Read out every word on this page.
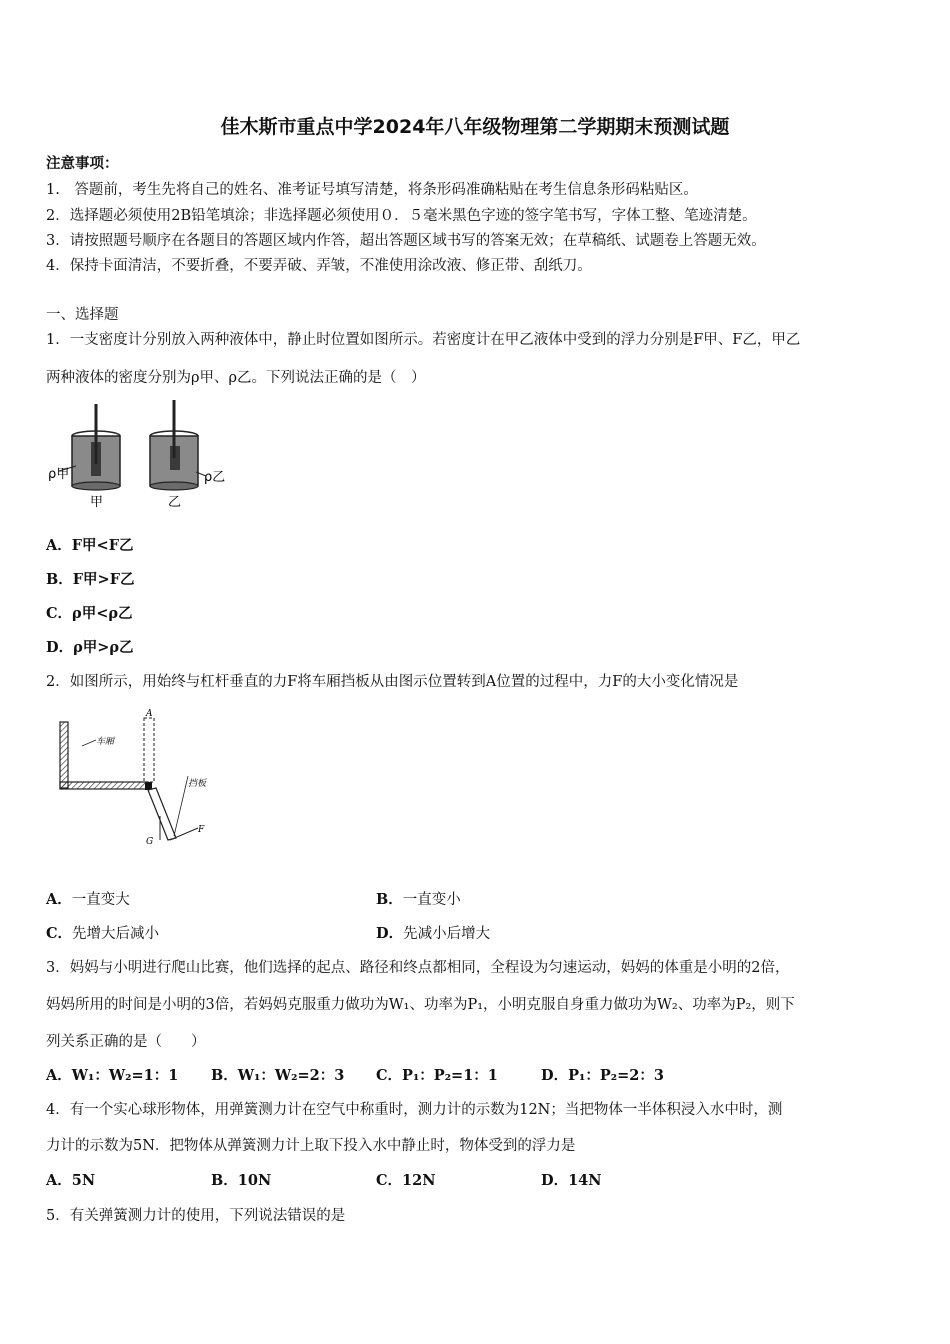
佳木斯市重点中学2024年八年级物理第二学期期末预测试题
注意事项：
1.　答题前，考生先将自己的姓名、准考证号填写清楚，将条形码准确粘贴在考生信息条形码粘贴区。
2．选择题必须使用2B铅笔填涂；非选择题必须使用０．５毫米黑色字迹的签字笔书写，字体工整、笔迹清楚。
3．请按照题号顺序在各题目的答题区域内作答，超出答题区域书写的答案无效；在草稿纸、试题卷上答题无效。
4．保持卡面清洁，不要折叠，不要弄破、弄皱，不准使用涂改液、修正带、刮纸刀。
一、选择题
1．一支密度计分别放入两种液体中，静止时位置如图所示。若密度计在甲乙液体中受到的浮力分别是F甲、F乙，甲乙
两种液体的密度分别为ρ甲、ρ乙。下列说法正确的是（　）
ρ甲	ρ乙
甲	乙
A．F甲<F乙
B．F甲>F乙
C．ρ甲<ρ乙
D．ρ甲>ρ乙
2．如图所示，用始终与杠杆垂直的力F将车厢挡板从由图示位置转到A位置的过程中，力F的大小变化情况是
车厢
挡板
A
G
F
A．一直变大	B．一直变小
C．先增大后减小	D．先减小后增大
3．妈妈与小明进行爬山比赛，他们选择的起点、路径和终点都相同，全程设为匀速运动，妈妈的体重是小明的2倍，
妈妈所用的时间是小明的3倍，若妈妈克服重力做功为W₁、功率为P₁，小明克服自身重力做功为W₂、功率为P₂，则下
列关系正确的是（　　）
A．W₁：W₂=1：1 B．W₁：W₂=2：3 C．P₁：P₂=1：1	D．P₁：P₂=2：3
4．有一个实心球形物体，用弹簧测力计在空气中称重时，测力计的示数为12N；当把物体一半体积浸入水中时，测
力计的示数为5N．把物体从弹簧测力计上取下投入水中静止时，物体受到的浮力是
A．5N	B．10N	C．12N	D．14N
5．有关弹簧测力计的使用，下列说法错误的是
